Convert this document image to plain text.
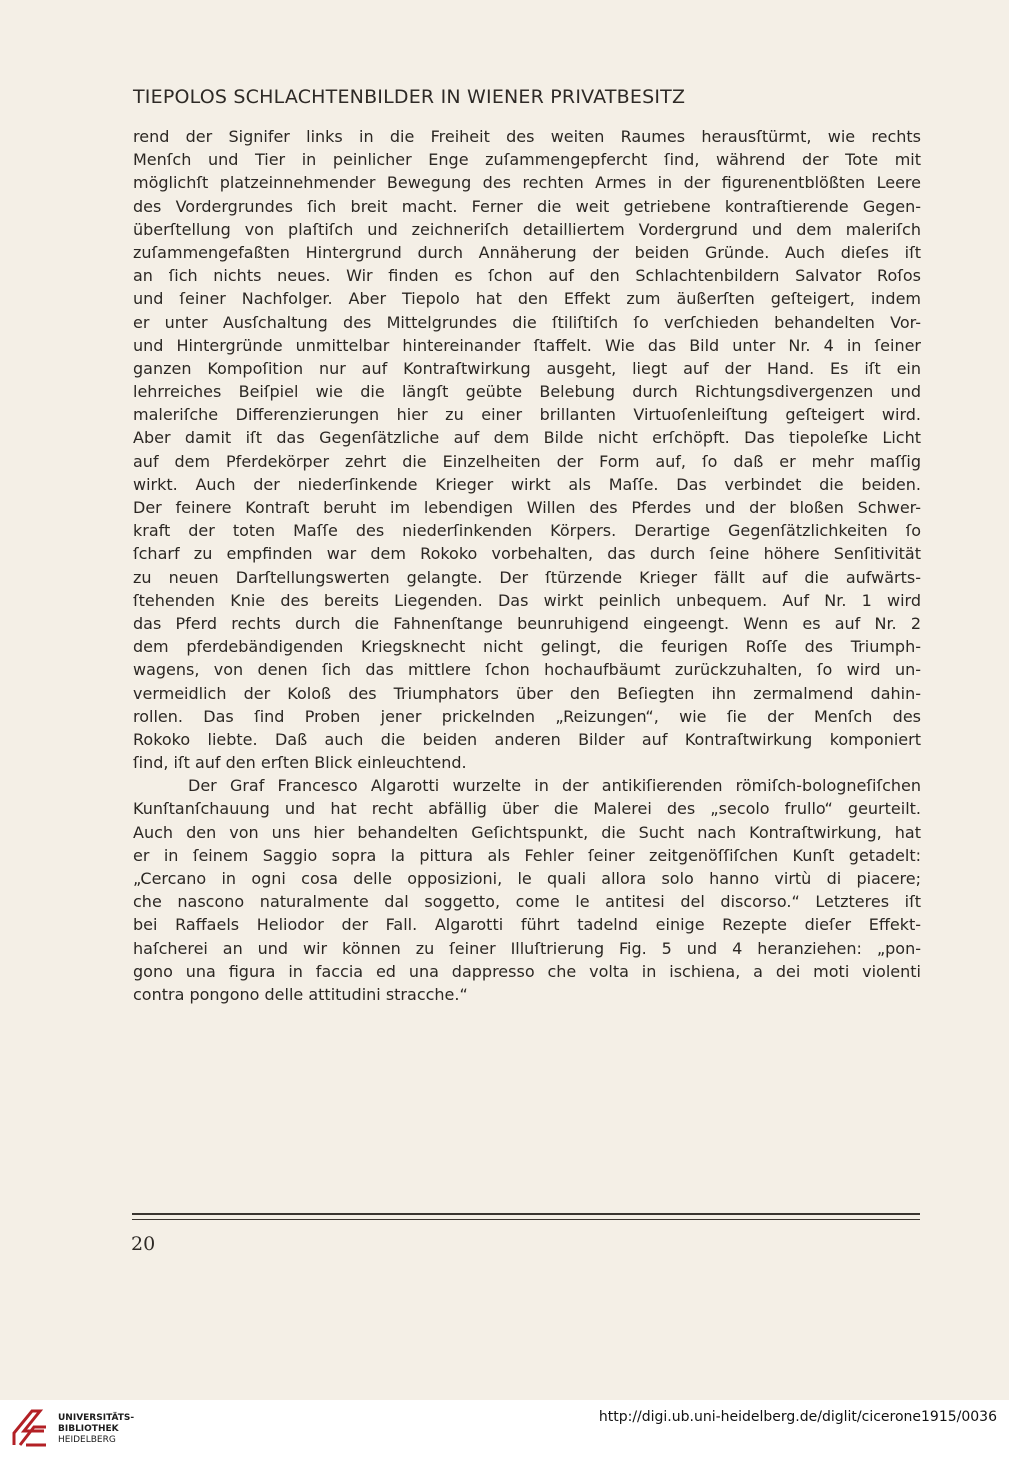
TIEPOLOS SCHLACHTENBILDER IN WIENER PRIVATBESITZ
rend der Signifer links in die Freiheit des weiten Raumes herausſtürmt, wie rechts
Menſch und Tier in peinlicher Enge zuſammengepfercht ſind, während der Tote mit
möglichſt platzeinnehmender Bewegung des rechten Armes in der figurenentblößten Leere
des Vordergrundes ſich breit macht. Ferner die weit getriebene kontraſtierende Gegen-
überſtellung von plaſtiſch und zeichneriſch detailliertem Vordergrund und dem maleriſch
zuſammengefaßten Hintergrund durch Annäherung der beiden Gründe. Auch dieſes iſt
an ſich nichts neues. Wir finden es ſchon auf den Schlachtenbildern Salvator Roſos
und ſeiner Nachfolger. Aber Tiepolo hat den Effekt zum äußerſten geſteigert, indem
er unter Ausſchaltung des Mittelgrundes die ſtiliſtiſch ſo verſchieden behandelten Vor-
und Hintergründe unmittelbar hintereinander ſtaffelt. Wie das Bild unter Nr. 4 in ſeiner
ganzen Kompoſition nur auf Kontraſtwirkung ausgeht, liegt auf der Hand. Es iſt ein
lehrreiches Beiſpiel wie die längſt geübte Belebung durch Richtungsdivergenzen und
maleriſche Differenzierungen hier zu einer brillanten Virtuoſenleiſtung geſteigert wird.
Aber damit iſt das Gegenſätzliche auf dem Bilde nicht erſchöpft. Das tiepoleſke Licht
auf dem Pferdekörper zehrt die Einzelheiten der Form auf, ſo daß er mehr maſſig
wirkt. Auch der niederſinkende Krieger wirkt als Maſſe. Das verbindet die beiden.
Der feinere Kontraſt beruht im lebendigen Willen des Pferdes und der bloßen Schwer-
kraft der toten Maſſe des niederſinkenden Körpers. Derartige Gegenſätzlichkeiten ſo
ſcharf zu empfinden war dem Rokoko vorbehalten, das durch ſeine höhere Senſitivität
zu neuen Darſtellungswerten gelangte. Der ſtürzende Krieger fällt auf die aufwärts-
ſtehenden Knie des bereits Liegenden. Das wirkt peinlich unbequem. Auf Nr. 1 wird
das Pferd rechts durch die Fahnenſtange beunruhigend eingeengt. Wenn es auf Nr. 2
dem pferdebändigenden Kriegsknecht nicht gelingt, die feurigen Roſſe des Triumph-
wagens, von denen ſich das mittlere ſchon hochaufbäumt zurückzuhalten, ſo wird un-
vermeidlich der Koloß des Triumphators über den Beſiegten ihn zermalmend dahin-
rollen. Das ſind Proben jener prickelnden „Reizungen“, wie ſie der Menſch des
Rokoko liebte. Daß auch die beiden anderen Bilder auf Kontraſtwirkung komponiert
ſind, iſt auf den erſten Blick einleuchtend.
Der Graf Francesco Algarotti wurzelte in der antikiſierenden römiſch-bologneſiſchen
Kunſtanſchauung und hat recht abfällig über die Malerei des „secolo frullo“ geurteilt.
Auch den von uns hier behandelten Geſichtspunkt, die Sucht nach Kontraſtwirkung, hat
er in ſeinem Saggio sopra la pittura als Fehler ſeiner zeitgenöſſiſchen Kunſt getadelt:
„Cercano in ogni cosa delle opposizioni, le quali allora solo hanno virtù di piacere;
che nascono naturalmente dal soggetto, come le antitesi del discorso.“ Letzteres iſt
bei Raffaels Heliodor der Fall. Algarotti führt tadelnd einige Rezepte dieſer Effekt-
haſcherei an und wir können zu ſeiner Illuſtrierung Fig. 5 und 4 heranziehen: „pon-
gono una figura in faccia ed una dappresso che volta in ischiena, a dei moti violenti
contra pongono delle attitudini stracche.“
20
UNIVERSITÄTS-
BIBLIOTHEK
HEIDELBERG
http://digi.ub.uni-heidelberg.de/diglit/cicerone1915/0036
